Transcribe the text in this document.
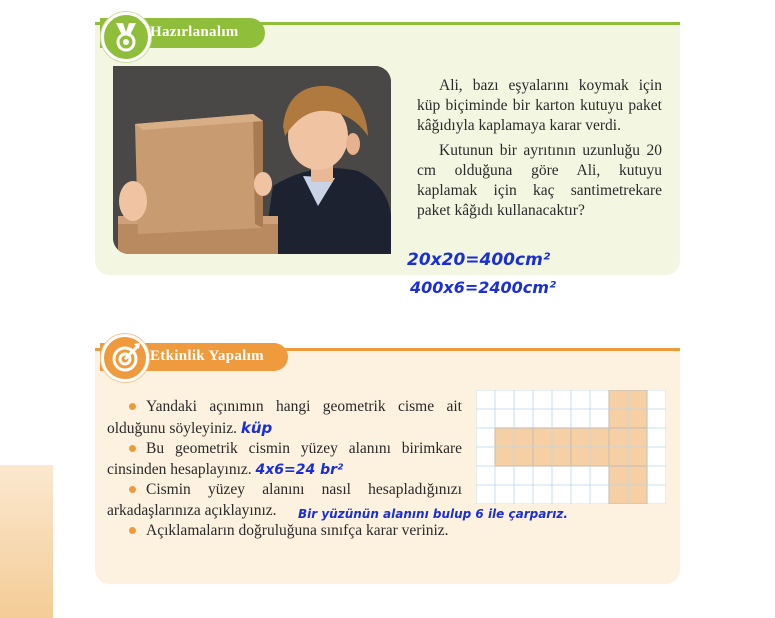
Hazırlanalım

Ali, bazı eşyalarını koymak için küp biçiminde bir karton kutuyu paket kâğıdıyla kaplamaya karar verdi.

Kutunun bir ayrıtının uzunluğu 20 cm olduğuna göre Ali, kutuyu kaplamak için kaç santimetrekare paket kâğıdı kullanacaktır?

20x20=400cm²
400x6=2400cm²
Etkinlik Yapalım
Yandaki açınımın hangi geometrik cisme ait olduğunu söyleyiniz. küp
Bu geometrik cismin yüzey alanını birimkare cinsinden hesaplayınız. 4x6=24 br²
Cismin yüzey alanını nasıl hesapladığınızı arkadaşlarınıza açıklayınız.
Açıklamaların doğruluğuna sınıfça karar veriniz.
Bir yüzünün alanını bulup 6 ile çarparız.
